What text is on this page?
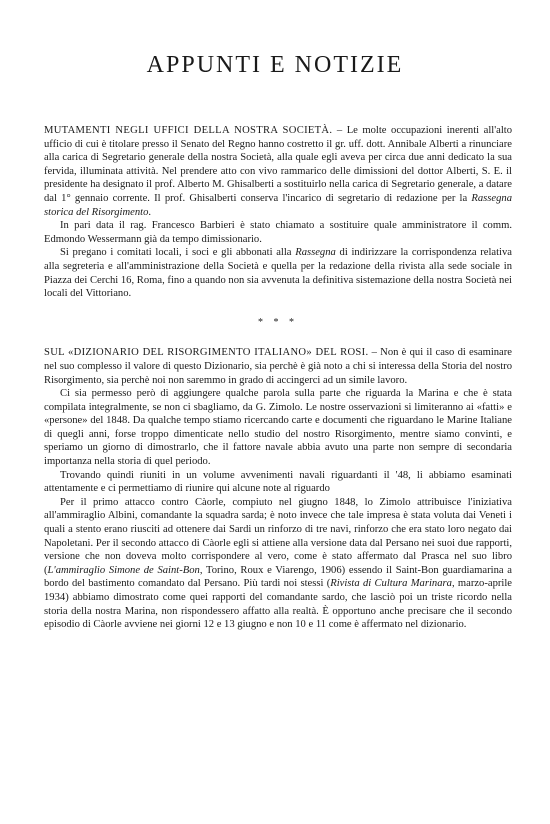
APPUNTI E NOTIZIE

MUTAMENTI NEGLI UFFICI DELLA NOSTRA SOCIETÀ. – Le molte occupazioni inerenti all'alto ufficio di cui è titolare presso il Senato del Regno hanno costretto il gr. uff. dott. Annibale Alberti a rinunciare alla carica di Segretario generale della nostra Società, alla quale egli aveva per circa due anni dedicato la sua fervida, illuminata attività. Nel prendere atto con vivo rammarico delle dimissioni del dottor Alberti, S. E. il presidente ha designato il prof. Alberto M. Ghisalberti a sostituirlo nella carica di Segretario generale, a datare dal 1° gennaio corrente. Il prof. Ghisalberti conserva l'incarico di segretario di redazione per la Rassegna storica del Risorgimento.

In pari data il rag. Francesco Barbieri è stato chiamato a sostituire quale amministratore il comm. Edmondo Wessermann già da tempo dimissionario.

Si pregano i comitati locali, i soci e gli abbonati alla Rassegna di indirizzare la corrispondenza relativa alla segreteria e all'amministrazione della Società e quella per la redazione della rivista alla sede sociale in Piazza dei Cerchi 16, Roma, fino a quando non sia avvenuta la definitiva sistemazione della nostra Società nei locali del Vittoriano.

* * *

SUL «DIZIONARIO DEL RISORGIMENTO ITALIANO» DEL ROSI. – Non è qui il caso di esaminare nel suo complesso il valore di questo Dizionario, sia perchè è già noto a chi si interessa della Storia del nostro Risorgimento, sia perchè noi non saremmo in grado di accingerci ad un simile lavoro.

Ci sia permesso però di aggiungere qualche parola sulla parte che riguarda la Marina e che è stata compilata integralmente, se non ci sbagliamo, da G. Zimolo. Le nostre osservazioni si limiteranno ai «fatti» e «persone» del 1848. Da qualche tempo stiamo ricercando carte e documenti che riguardano le Marine Italiane di quegli anni, forse troppo dimenticate nello studio del nostro Risorgimento, mentre siamo convinti, e speriamo un giorno di dimostrarlo, che il fattore navale abbia avuto una parte non sempre di secondaria importanza nella storia di quel periodo.

Trovando quindi riuniti in un volume avvenimenti navali riguardanti il '48, li abbiamo esaminati attentamente e ci permettiamo di riunire qui alcune note al riguardo

Per il primo attacco contro Càorle, compiuto nel giugno 1848, lo Zimolo attribuisce l'iniziativa all'ammiraglio Albini, comandante la squadra sarda; è noto invece che tale impresa è stata voluta dai Veneti i quali a stento erano riusciti ad ottenere dai Sardi un rinforzo di tre navi, rinforzo che era stato loro negato dai Napoletani. Per il secondo attacco di Càorle egli si attiene alla versione data dal Persano nei suoi due rapporti, versione che non doveva molto corrispondere al vero, come è stato affermato dal Prasca nel suo libro (L'ammiraglio Simone de Saint-Bon, Torino, Roux e Viarengo, 1906) essendo il Saint-Bon guardiamarina a bordo del bastimento comandato dal Persano. Più tardi noi stessi (Rivista di Cultura Marinara, marzo-aprile 1934) abbiamo dimostrato come quei rapporti del comandante sardo, che lasciò poi un triste ricordo nella storia della nostra Marina, non rispondessero affatto alla realtà. È opportuno anche precisare che il secondo episodio di Càorle avviene nei giorni 12 e 13 giugno e non 10 e 11 come è affermato nel dizionario.
